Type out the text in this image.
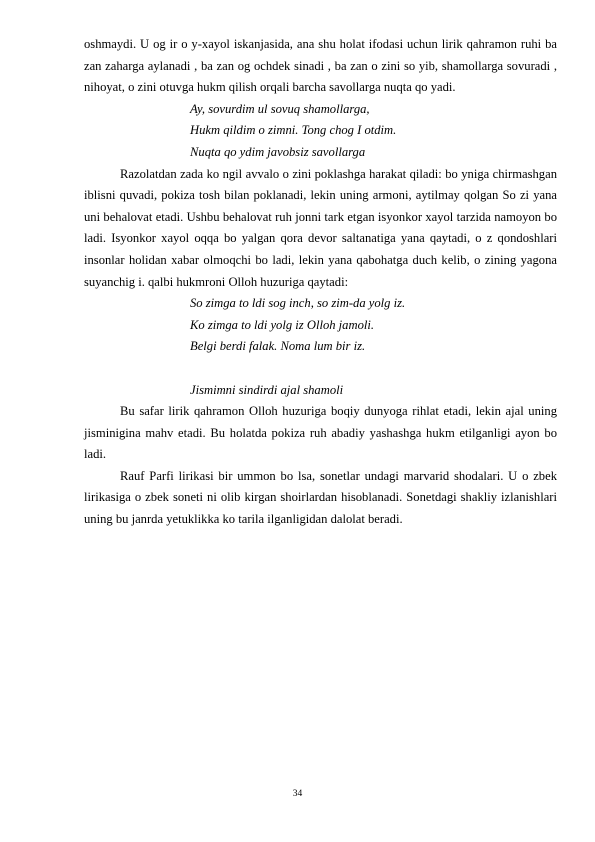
oshmaydi. U og ir o y-xayol iskanjasida, ana shu holat ifodasi uchun lirik qahramon ruhi ba zan zaharga aylanadi , ba zan og ochdek sinadi , ba zan o zini so yib, shamollarga sovuradi , nihoyat, o zini otuvga hukm qilish orqali barcha savollarga nuqta qo yadi.

Ay, sovurdim ul sovuq shamollarga,
Hukm qildim o zimni. Tong chog I otdim.
Nuqta qo ydim javobsiz savollarga

Razolatdan zada ko ngil avvalo o zini poklashga harakat qiladi: bo yniga chirmashgan iblisni quvadi, pokiza tosh bilan poklanadi, lekin uning armoni, aytilmay qolgan So zi yana uni behalovat etadi. Ushbu behalovat ruh jonni tark etgan isyonkor xayol tarzida namoyon bo ladi. Isyonkor xayol oqqa bo yalgan qora devor saltanatiga yana qaytadi, o z qondoshlari insonlar holidan xabar olmoqchi bo ladi, lekin yana qabohatga duch kelib, o zining yagona suyanchig i. qalbi hukmroni Olloh huzuriga qaytadi:

So zimga to ldi sog inch, so zim-da yolg iz.
Ko zimga to ldi yolg iz Olloh jamoli.
Belgi berdi falak. Noma lum bir iz.
Jismimni sindirdi ajal shamoli

Bu safar lirik qahramon Olloh huzuriga boqiy dunyoga rihlat etadi, lekin ajal uning jisminigina mahv etadi. Bu holatda pokiza ruh abadiy yashashga hukm etilganligi ayon bo ladi.

Rauf Parfi lirikasi bir ummon bo lsa, sonetlar undagi marvarid shodalari. U o zbek lirikasiga o zbek soneti ni olib kirgan shoirlardan hisoblanadi. Sonetdagi shakliy izlanishlari uning bu janrda yetuklikka ko tarila ilganligidan dalolat beradi.

34
